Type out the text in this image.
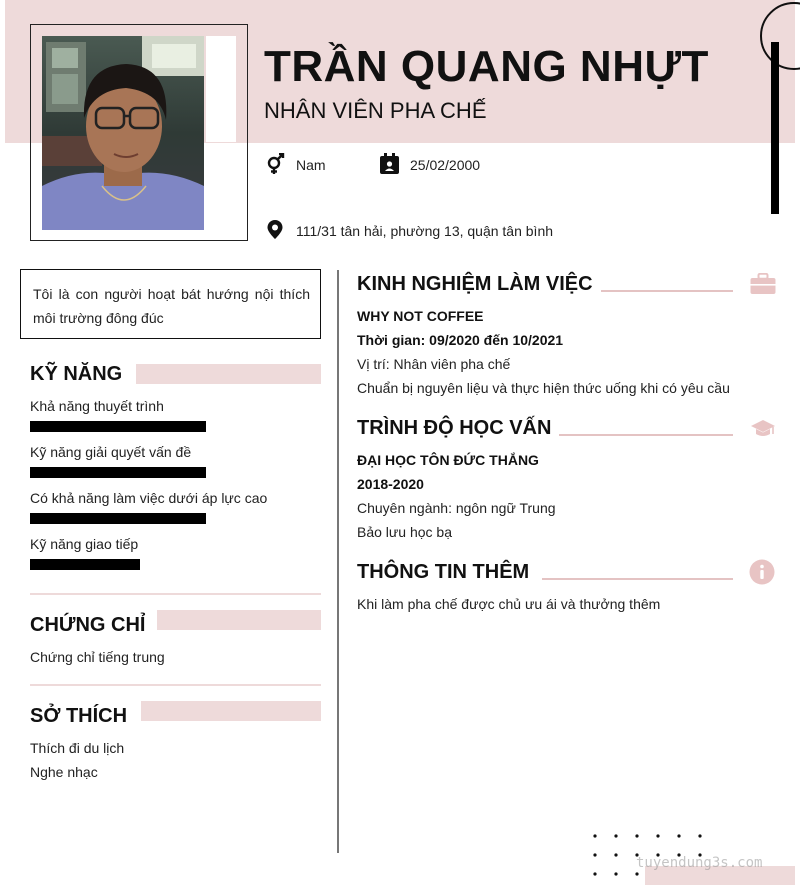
TRẦN QUANG NHỰT
NHÂN VIÊN PHA CHẾ
Nam	25/02/2000
111/31 tân hải, phường 13, quận tân bình
Tôi là con người hoạt bát hướng nội thích môi trường đông đúc
KỸ NĂNG
Khả năng thuyết trình
Kỹ năng giải quyết vấn đề
Có khả năng làm việc dưới áp lực cao
Kỹ năng giao tiếp
CHỨNG CHỈ
Chứng chỉ tiếng trung
SỞ THÍCH
Thích đi du lịch
Nghe nhạc
KINH NGHIỆM LÀM VIỆC
WHY NOT COFFEE
Thời gian: 09/2020 đến 10/2021
Vị trí: Nhân viên pha chế
Chuẩn bị nguyên liệu và thực hiện thức uống khi có yêu cầu
TRÌNH ĐỘ HỌC VẤN
ĐẠI HỌC TÔN ĐỨC THẮNG
2018-2020
Chuyên ngành: ngôn ngữ Trung
Bảo lưu học bạ
THÔNG TIN THÊM
Khi làm pha chế được chủ ưu ái và thưởng thêm
tuyendung3s.com
